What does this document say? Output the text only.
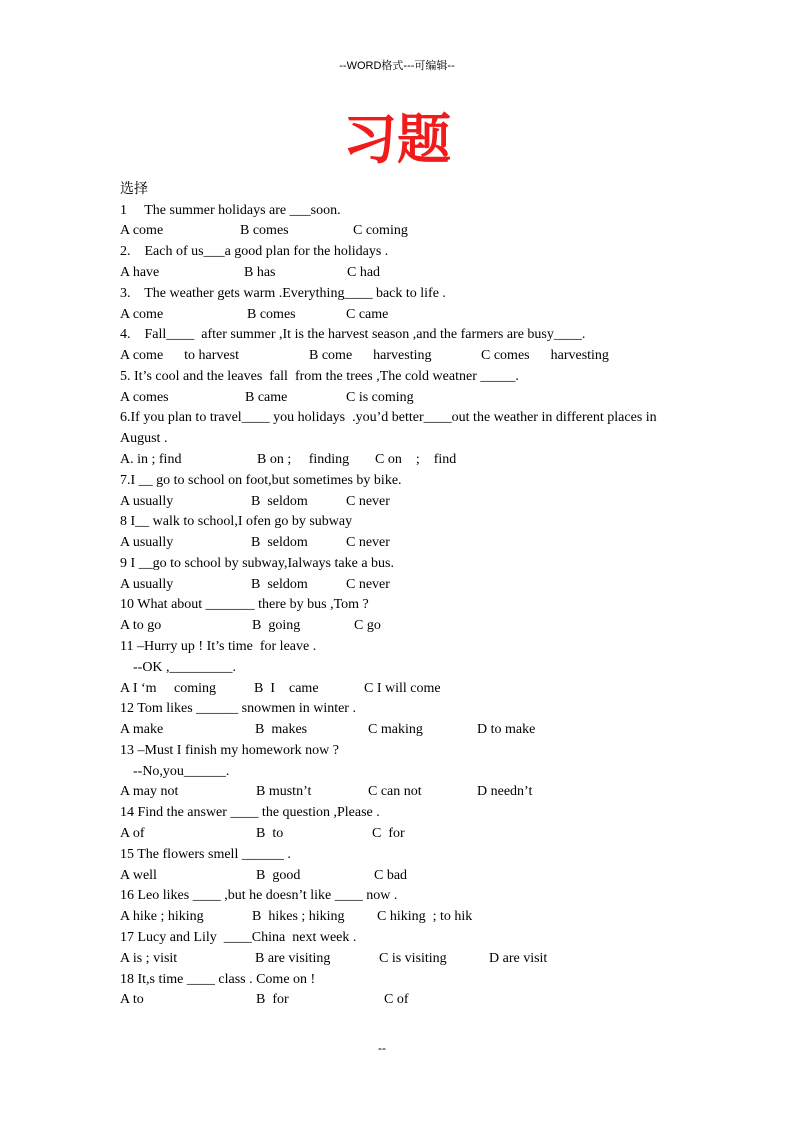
--WORD格式---可编辑--
习题
选择
1     The summer holidays are ___soon.
A come	B comes	C coming
2.    Each of us___a good plan for the holidays .
A have	B has	C had
3.    The weather gets warm .Everything____ back to life .
A come	B comes	C came
4.    Fall____  after summer ,It is the harvest season ,and the farmers are busy____.
A come      to harvest	B come      harvesting	C comes      harvesting
5. It’s cool and the leaves  fall  from the trees ,The cold weatner _____.
A comes	B came	C is coming
6.If you plan to travel____ you holidays  .you’d better____out the weather in different places in
August .
A. in ; find	B on ;     finding C on    ;    find
7.I __ go to school on foot,but sometimes by bike.
A usually	B  seldom	C never
8 I__ walk to school,I ofen go by subway
A usually	B  seldom	C never
9 I __go to school by subway,Ialways take a bus.
A usually	B  seldom	C never
10 What about _______ there by bus ,Tom ?
A to go	B  going	C go
11 –Hurry up ! It’s time  for leave .
--OK ,_________.
A I ‘m     coming	B  I    came	C I will come
12 Tom likes ______ snowmen in winter .
A make	B  makes	C making	D to make
13 –Must I finish my homework now ?
--No,you______.
A may not	B mustn’t	C can not	D needn’t
14 Find the answer ____ the question ,Please .
A of	B  to	C  for
15 The flowers smell ______ .
A well	B  good	C bad
16 Leo likes ____ ,but he doesn’t like ____ now .
A hike ; hiking	B  hikes ; hiking C hiking  ; to hik
17 Lucy and Lily  ____China  next week .
A is ; visit	B are visiting	C is visiting	D are visit
18 It,s time ____ class . Come on !
A to	B  for	C of
--
